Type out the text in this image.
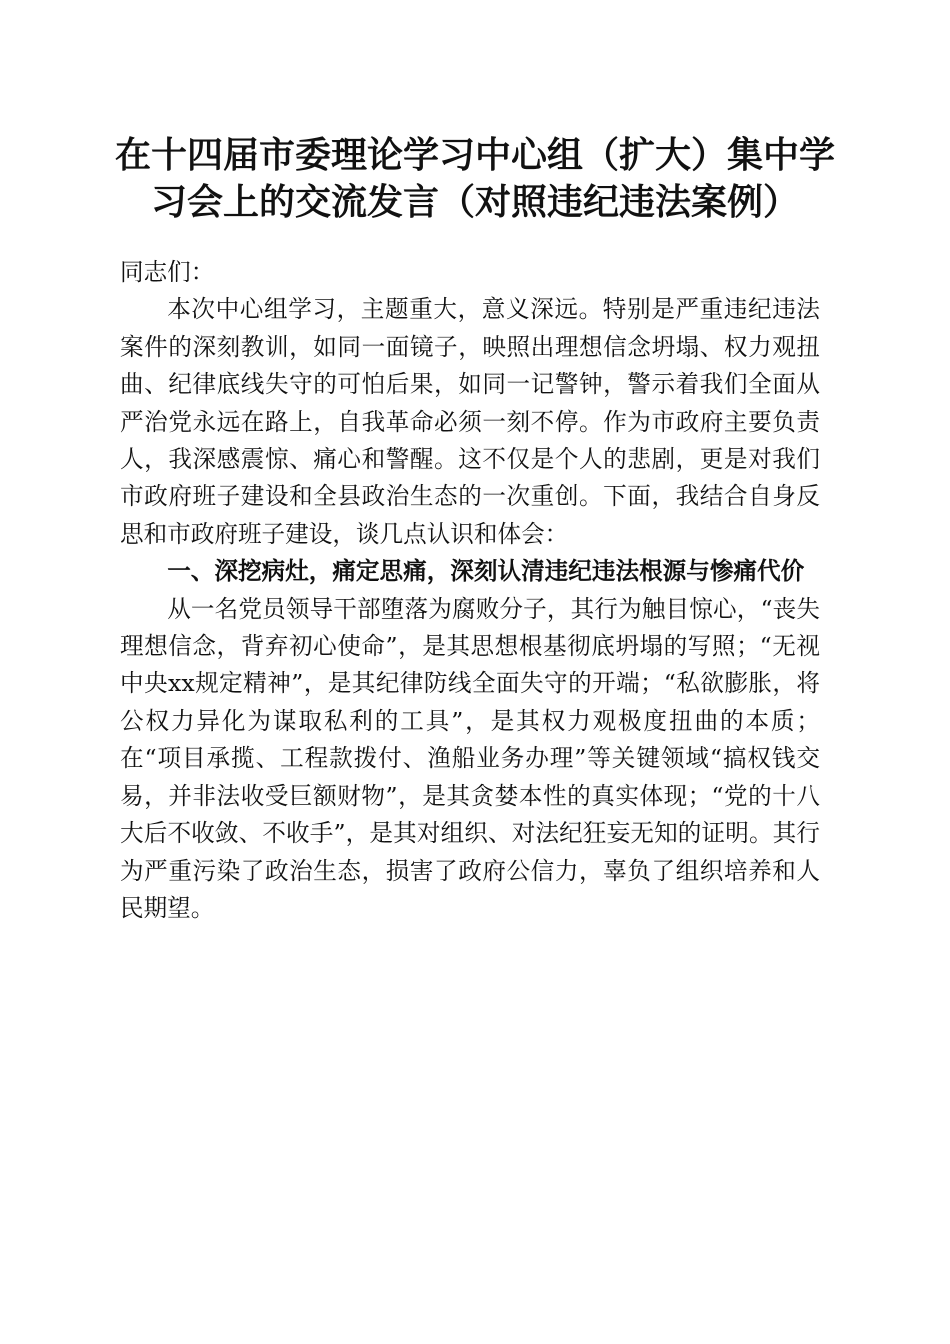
在十四届市委理论学习中心组（扩大）集中学
习会上的交流发言（对照违纪违法案例）

同志们：

本次中心组学习，主题重大，意义深远。特别是严重违纪违法案件的深刻教训，如同一面镜子，映照出理想信念坍塌、权力观扭曲、纪律底线失守的可怕后果，如同一记警钟，警示着我们全面从严治党永远在路上，自我革命必须一刻不停。作为市政府主要负责人，我深感震惊、痛心和警醒。这不仅是个人的悲剧，更是对我们市政府班子建设和全县政治生态的一次重创。下面，我结合自身反思和市政府班子建设，谈几点认识和体会：

一、深挖病灶，痛定思痛，深刻认清违纪违法根源与惨痛代价

从一名党员领导干部堕落为腐败分子，其行为触目惊心，“丧失理想信念，背弃初心使命”，是其思想根基彻底坍塌的写照；“无视中央xx规定精神”，是其纪律防线全面失守的开端；“私欲膨胀，将公权力异化为谋取私利的工具”，是其权力观极度扭曲的本质；在“项目承揽、工程款拨付、渔船业务办理”等关键领域“搞权钱交易，并非法收受巨额财物”，是其贪婪本性的真实体现；“党的十八大后不收敛、不收手”，是其对组织、对法纪狂妄无知的证明。其行为严重污染了政治生态，损害了政府公信力，辜负了组织培养和人民期望。
